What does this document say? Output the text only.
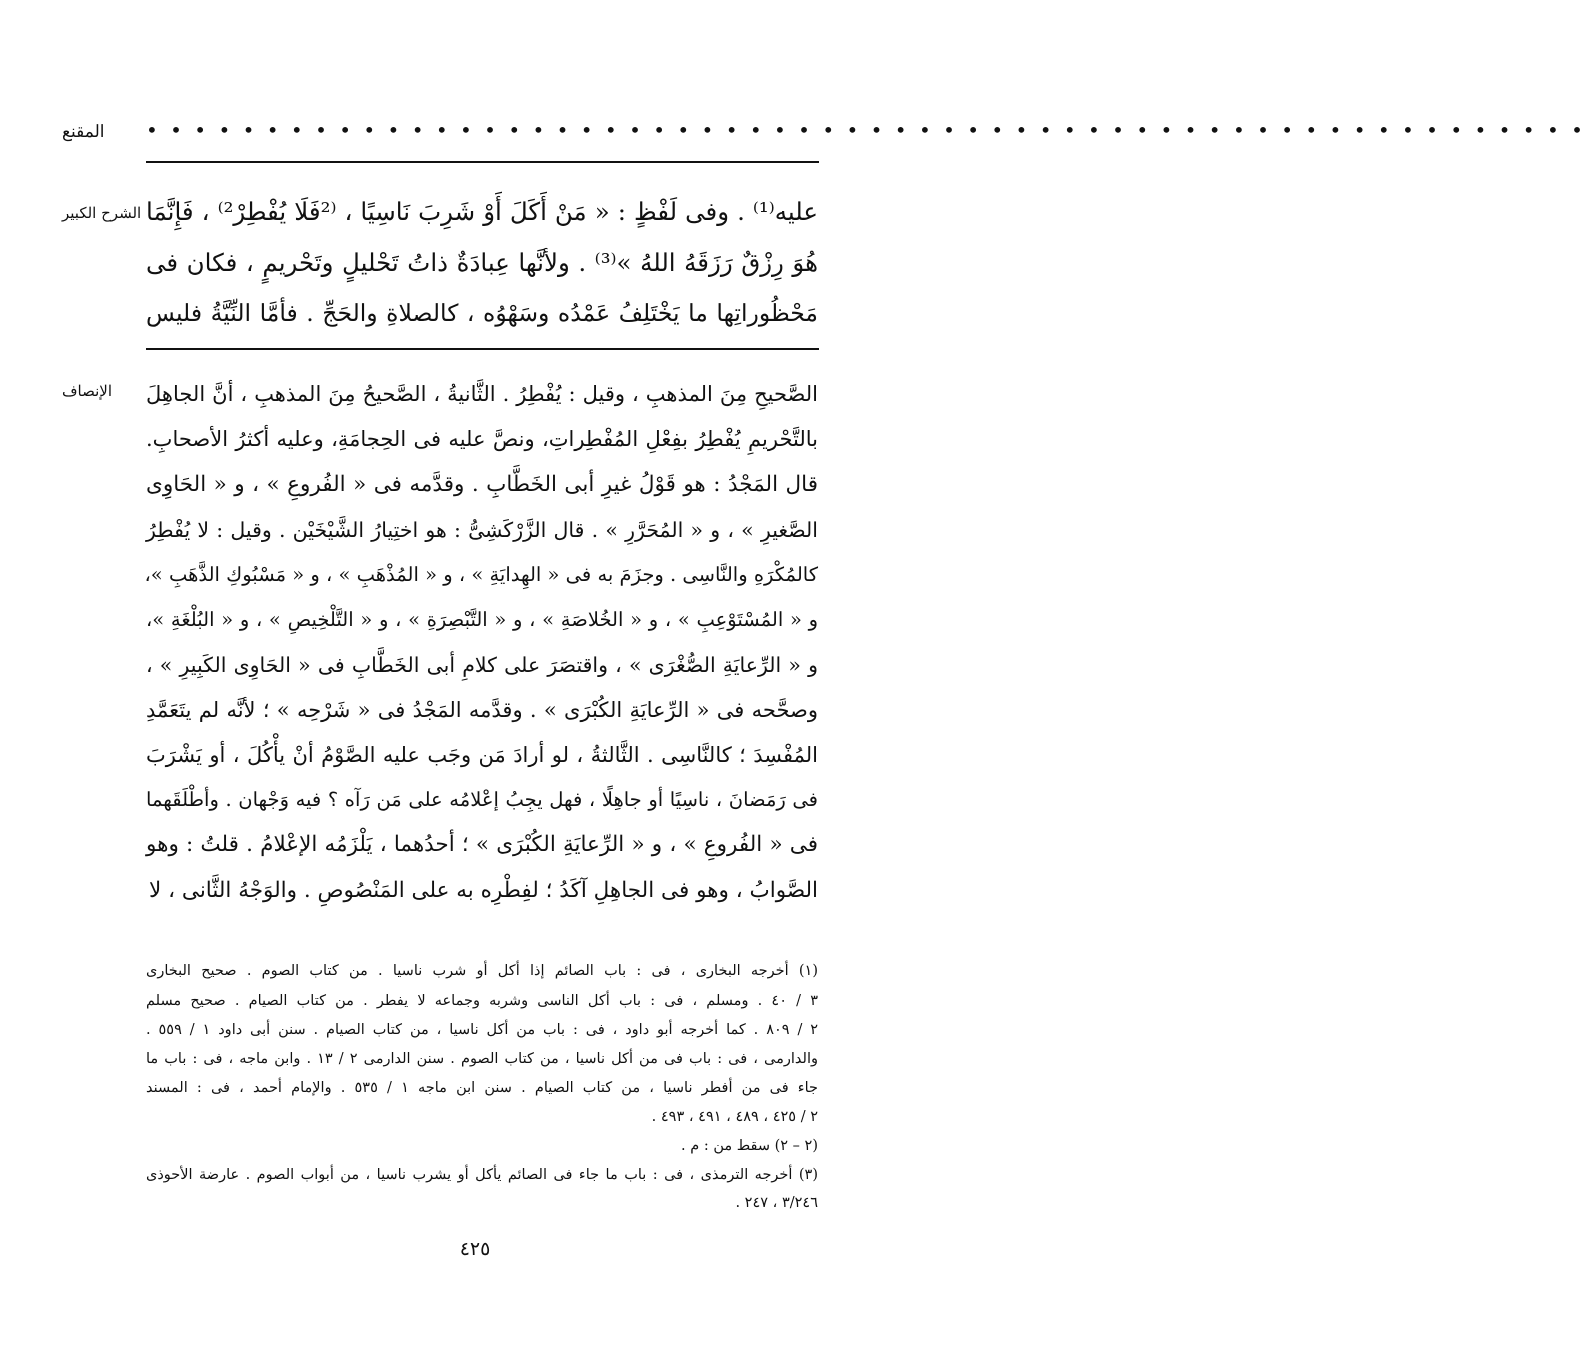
المقنع	• • • • • • • • • • • • • • • • • • • • • • • • • • • • • • • • • • • • • • • • • • • • • • • • • • • • • • • • • • • •
الشرح الكبير عليه⁽¹⁾ . وفى لَفْظٍ : « مَنْ أَكَلَ أَوْ شَرِبَ نَاسِيًا ، ⁽²فَلَا يُفْطِرْ²⁾ ، فَإِنَّمَا
هُوَ رِزْقٌ رَزَقَهُ اللهُ »⁽³⁾ . ولأنَّها عِبادَةٌ ذاتُ تَحْليلٍ وتَحْريمٍ ، فكان فى
مَحْظُوراتِها ما يَخْتَلِفُ عَمْدُه وسَهْوُه ، كالصلاةِ والحَجِّ . فأمَّا النِّيَّةُ فليس
الإنصاف	الصَّحيحِ مِنَ المذهبِ ، وقيل : يُفْطِرُ . الثَّانيةُ ، الصَّحيحُ مِنَ المذهبِ ، أنَّ الجاهِلَ
بالتَّحْريمِ يُفْطِرُ بفِعْلِ المُفْطِراتِ، ونصَّ عليه فى الحِجامَةِ، وعليه أكثرُ الأصحابِ.
قال المَجْدُ : هو قَوْلُ غيرِ أبى الخَطَّابِ . وقدَّمه فى « الفُروعِ » ، و « الحَاوِى
الصَّغيرِ » ، و « المُحَرَّرِ » . قال الزَّرْكَشِىُّ : هو اختِيارُ الشَّيْخَيْن . وقيل : لا يُفْطِرُ
كالمُكْرَهِ والنَّاسِى . وجزَمَ به فى « الهِدايَةِ » ، و « المُذْهَبِ » ، و « مَسْبُوكِ الذَّهَبِ »،
و « المُسْتَوْعِبِ » ، و « الخُلاصَةِ » ، و « التَّبْصِرَةِ » ، و « التَّلْخِيصِ » ، و « البُلْغَةِ »،
و « الرِّعايَةِ الصُّغْرَى » ، واقتصَرَ على كلامِ أبى الخَطَّابِ فى « الحَاوِى الكَبِيرِ » ،
وصحَّحه فى « الرِّعايَةِ الكُبْرَى » . وقدَّمه المَجْدُ فى « شَرْحِه » ؛ لأنَّه لم يتَعَمَّدِ
المُفْسِدَ ؛ كالنَّاسِى . الثَّالثةُ ، لو أرادَ مَن وجَب عليه الصَّوْمُ أنْ يأْكُلَ ، أو يَشْرَبَ
فى رَمَضانَ ، ناسِيًا أو جاهِلًا ، فهل يجِبُ إعْلامُه على مَن رَآه ؟ فيه وَجْهان . وأطْلَقَهما
فى « الفُروعِ » ، و « الرِّعايَةِ الكُبْرَى » ؛ أحدُهما ، يَلْزَمُه الإعْلامُ . قلتُ : وهو
الصَّوابُ ، وهو فى الجاهِلِ آكَدُ ؛ لفِطْرِه به على المَنْصُوصِ . والوَجْهُ الثَّانى ، لا
(١) أخرجه البخارى ، فى : باب الصائم إذا أكل أو شرب ناسيا . من كتاب الصوم . صحيح البخارى
٣ / ٤٠ . ومسلم ، فى : باب أكل الناسى وشربه وجماعه لا يفطر . من كتاب الصيام . صحيح مسلم
٢ / ٨٠٩ . كما أخرجه أبو داود ، فى : باب من أكل ناسيا ، من كتاب الصيام . سنن أبى داود ١ / ٥٥٩ .
والدارمى ، فى : باب فى من أكل ناسيا ، من كتاب الصوم . سنن الدارمى ٢ / ١٣ . وابن ماجه ، فى : باب ما
جاء فى من أفطر ناسيا ، من كتاب الصيام . سنن ابن ماجه ١ / ٥٣٥ . والإمام أحمد ، فى : المسند
٢ / ٤٢٥ ، ٤٨٩ ، ٤٩١ ، ٤٩٣ .
(٢ – ٢) سقط من : م .
(٣) أخرجه الترمذى ، فى : باب ما جاء فى الصائم يأكل أو يشرب ناسيا ، من أبواب الصوم . عارضة الأحوذى
٣/٢٤٦ ، ٢٤٧ .
٤٢٥
